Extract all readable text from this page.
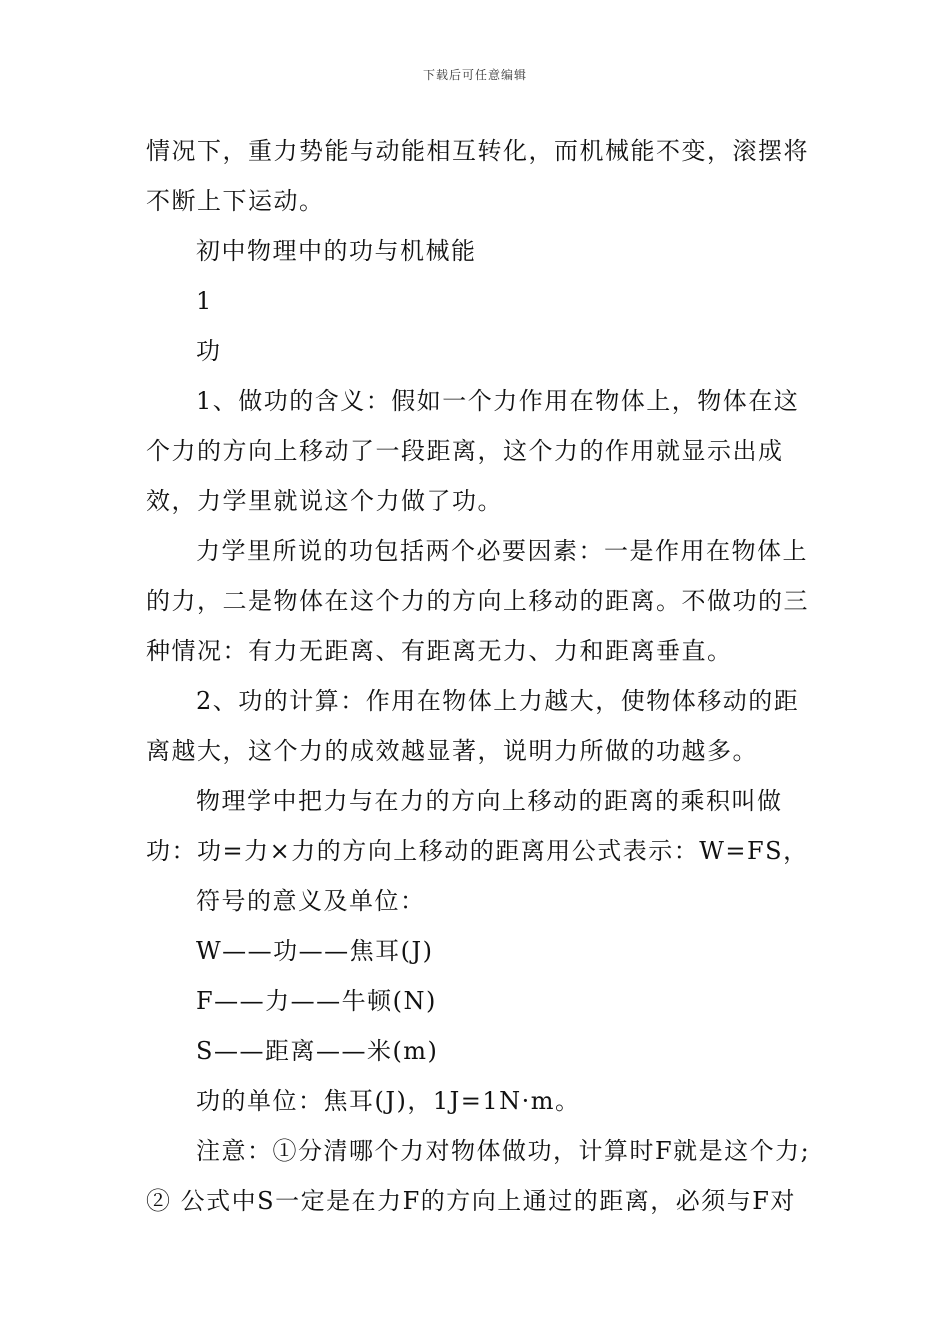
下载后可任意编辑

情况下，重力势能与动能相互转化，而机械能不变，滚摆将不断上下运动。

初中物理中的功与机械能

1

功

1、做功的含义：假如一个力作用在物体上，物体在这个力的方向上移动了一段距离，这个力的作用就显示出成效，力学里就说这个力做了功。

力学里所说的功包括两个必要因素：一是作用在物体上的力，二是物体在这个力的方向上移动的距离。不做功的三种情况：有力无距离、有距离无力、力和距离垂直。

2、功的计算：作用在物体上力越大，使物体移动的距离越大，这个力的成效越显著，说明力所做的功越多。

物理学中把力与在力的方向上移动的距离的乘积叫做功：功=力×力的方向上移动的距离用公式表示：W=FS，

符号的意义及单位：

W——功——焦耳(J)

F——力——牛顿(N)

S——距离——米(m)

功的单位：焦耳(J)，1J=1N·m。

注意：①分清哪个力对物体做功，计算时F就是这个力;② 公式中S一定是在力F的方向上通过的距离，必须与F对
